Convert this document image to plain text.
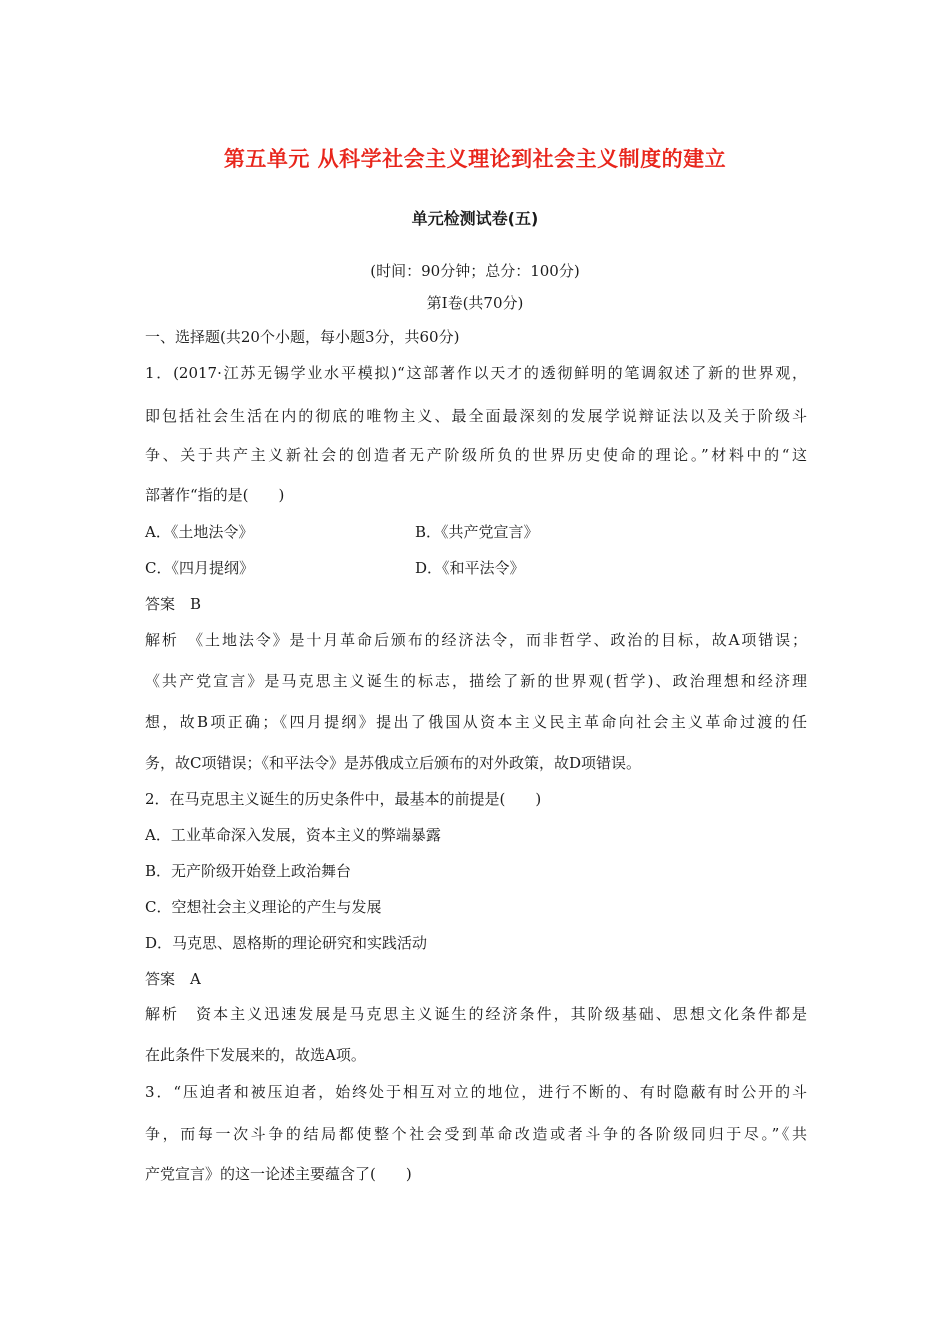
第五单元 从科学社会主义理论到社会主义制度的建立
单元检测试卷(五)
(时间：90分钟；总分：100分)
第Ⅰ卷(共70分)
一、选择题(共20个小题，每小题3分，共60分)
1．(2017·江苏无锡学业水平模拟)“这部著作以天才的透彻鲜明的笔调叙述了新的世界观，
即包括社会生活在内的彻底的唯物主义、最全面最深刻的发展学说辩证法以及关于阶级斗
争、关于共产主义新社会的创造者无产阶级所负的世界历史使命的理论。”材料中的“这
部著作“指的是(　　)
A．《土地法令》	B．《共产党宣言》
C．《四月提纲》	D．《和平法令》
答案　B
解析　《土地法令》是十月革命后颁布的经济法令，而非哲学、政治的目标，故A项错误；
《共产党宣言》是马克思主义诞生的标志，描绘了新的世界观(哲学)、政治理想和经济理
想，故B项正确；《四月提纲》提出了俄国从资本主义民主革命向社会主义革命过渡的任
务，故C项错误；《和平法令》是苏俄成立后颁布的对外政策，故D项错误。
2．在马克思主义诞生的历史条件中，最基本的前提是(　　)
A．工业革命深入发展，资本主义的弊端暴露
B．无产阶级开始登上政治舞台
C．空想社会主义理论的产生与发展
D．马克思、恩格斯的理论研究和实践活动
答案　A
解析　资本主义迅速发展是马克思主义诞生的经济条件，其阶级基础、思想文化条件都是
在此条件下发展来的，故选A项。
3．“压迫者和被压迫者，始终处于相互对立的地位，进行不断的、有时隐蔽有时公开的斗
争，而每一次斗争的结局都使整个社会受到革命改造或者斗争的各阶级同归于尽。”《共
产党宣言》的这一论述主要蕴含了(　　)
